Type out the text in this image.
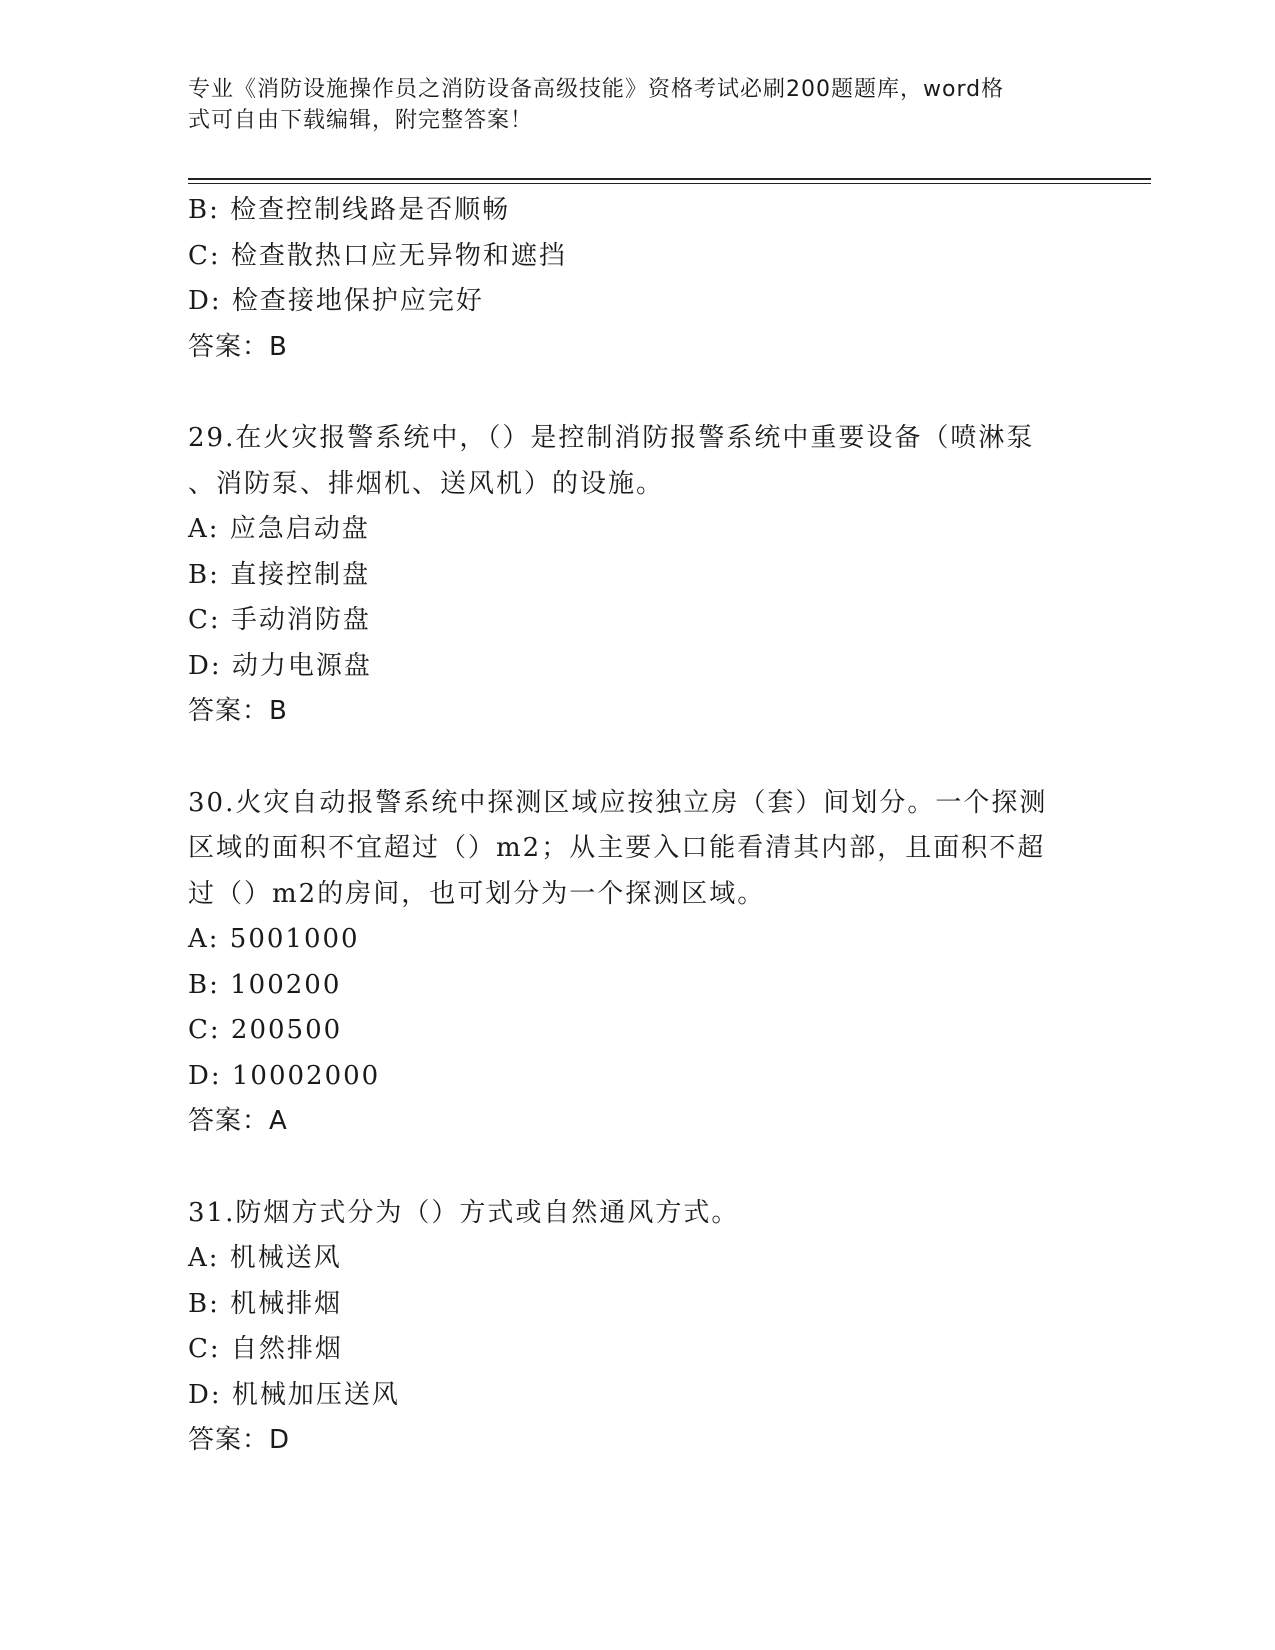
专业《消防设施操作员之消防设备高级技能》资格考试必刷200题题库，word格
式可自由下载编辑，附完整答案！
B: 检查控制线路是否顺畅
C: 检查散热口应无异物和遮挡
D: 检查接地保护应完好
答案：B
29.在火灾报警系统中，（）是控制消防报警系统中重要设备（喷淋泵
、消防泵、排烟机、送风机）的设施。
A: 应急启动盘
B: 直接控制盘
C: 手动消防盘
D: 动力电源盘
答案：B
30.火灾自动报警系统中探测区域应按独立房（套）间划分。一个探测
区域的面积不宜超过（）m2；从主要入口能看清其内部，且面积不超
过（）m2的房间，也可划分为一个探测区域。
A: 5001000
B: 100200
C: 200500
D: 10002000
答案：A
31.防烟方式分为（）方式或自然通风方式。
A: 机械送风
B: 机械排烟
C: 自然排烟
D: 机械加压送风
答案：D
